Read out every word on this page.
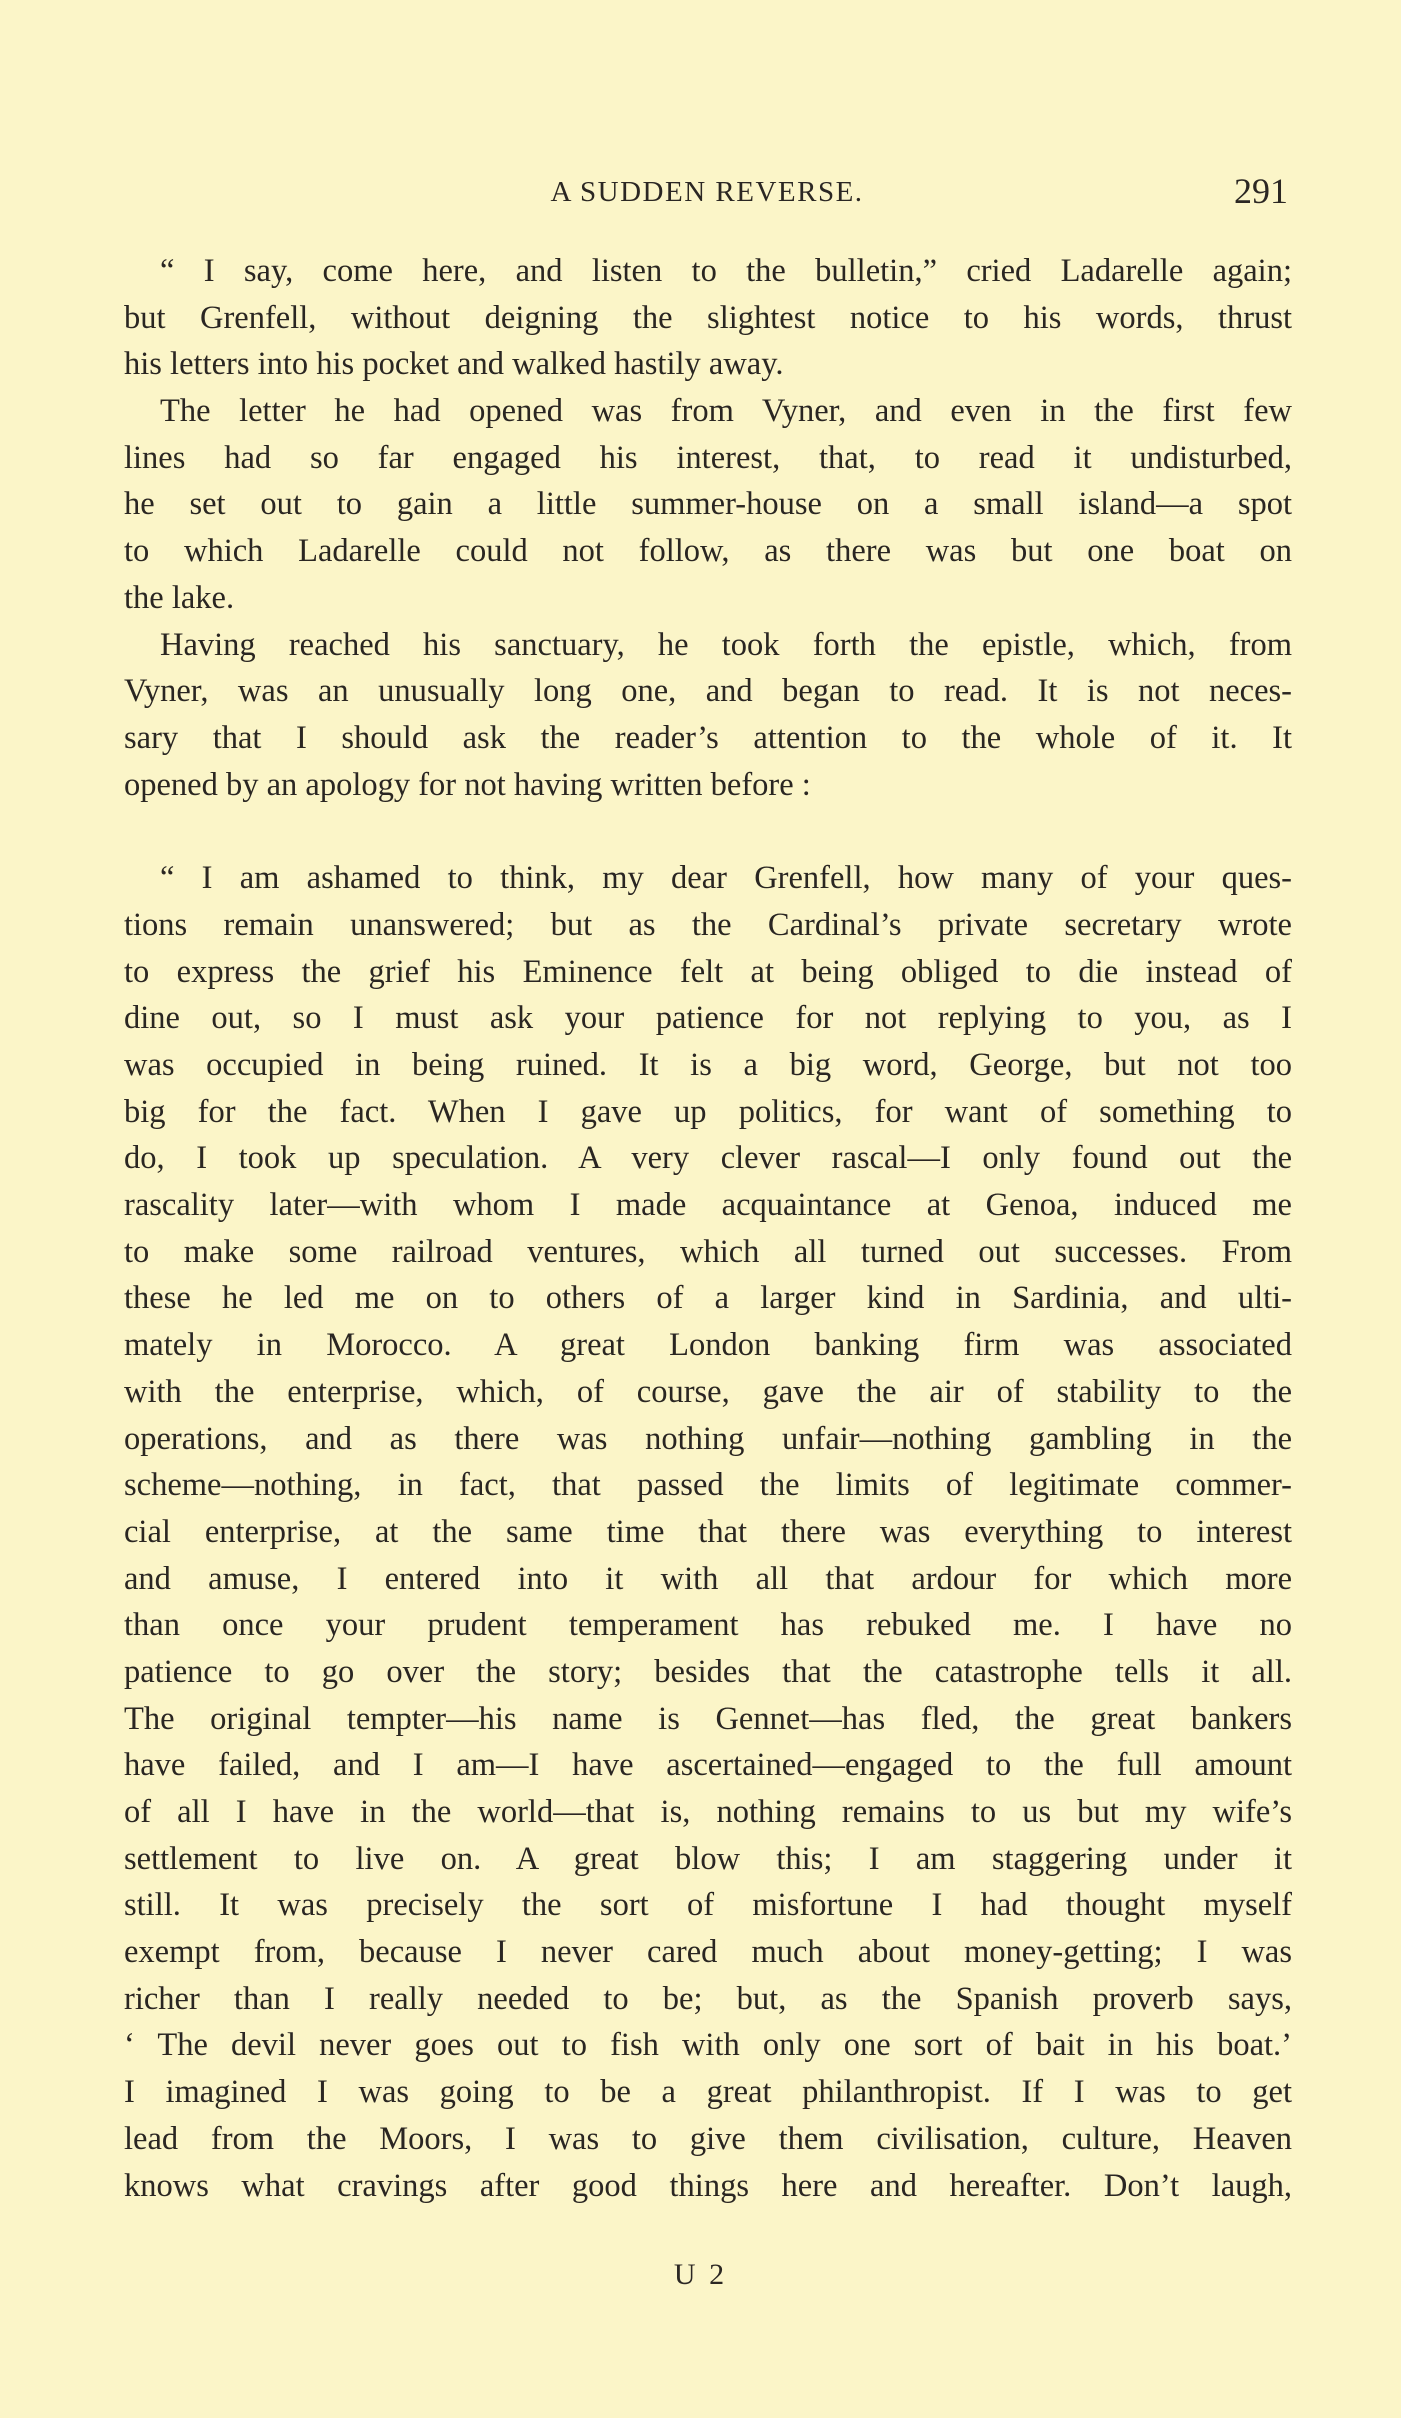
A SUDDEN REVERSE.	291
“ I say, come here, and listen to the bulletin,” cried Ladarelle again;
but Grenfell, without deigning the slightest notice to his words, thrust
his letters into his pocket and walked hastily away.
The letter he had opened was from Vyner, and even in the first few
lines had so far engaged his interest, that, to read it undisturbed,
he set out to gain a little summer-house on a small island—a spot
to which Ladarelle could not follow, as there was but one boat on
the lake.
Having reached his sanctuary, he took forth the epistle, which, from
Vyner, was an unusually long one, and began to read. It is not neces-
sary that I should ask the reader’s attention to the whole of it. It
opened by an apology for not having written before :
“ I am ashamed to think, my dear Grenfell, how many of your ques-
tions remain unanswered; but as the Cardinal’s private secretary wrote
to express the grief his Eminence felt at being obliged to die instead of
dine out, so I must ask your patience for not replying to you, as I
was occupied in being ruined. It is a big word, George, but not too
big for the fact. When I gave up politics, for want of something to
do, I took up speculation. A very clever rascal—I only found out the
rascality later—with whom I made acquaintance at Genoa, induced me
to make some railroad ventures, which all turned out successes. From
these he led me on to others of a larger kind in Sardinia, and ulti-
mately in Morocco. A great London banking firm was associated
with the enterprise, which, of course, gave the air of stability to the
operations, and as there was nothing unfair—nothing gambling in the
scheme—nothing, in fact, that passed the limits of legitimate commer-
cial enterprise, at the same time that there was everything to interest
and amuse, I entered into it with all that ardour for which more
than once your prudent temperament has rebuked me. I have no
patience to go over the story; besides that the catastrophe tells it all.
The original tempter—his name is Gennet—has fled, the great bankers
have failed, and I am—I have ascertained—engaged to the full amount
of all I have in the world—that is, nothing remains to us but my wife’s
settlement to live on. A great blow this; I am staggering under it
still. It was precisely the sort of misfortune I had thought myself
exempt from, because I never cared much about money-getting; I was
richer than I really needed to be; but, as the Spanish proverb says,
‘ The devil never goes out to fish with only one sort of bait in his boat.’
I imagined I was going to be a great philanthropist. If I was to get
lead from the Moors, I was to give them civilisation, culture, Heaven
knows what cravings after good things here and hereafter. Don’t laugh,
U 2
